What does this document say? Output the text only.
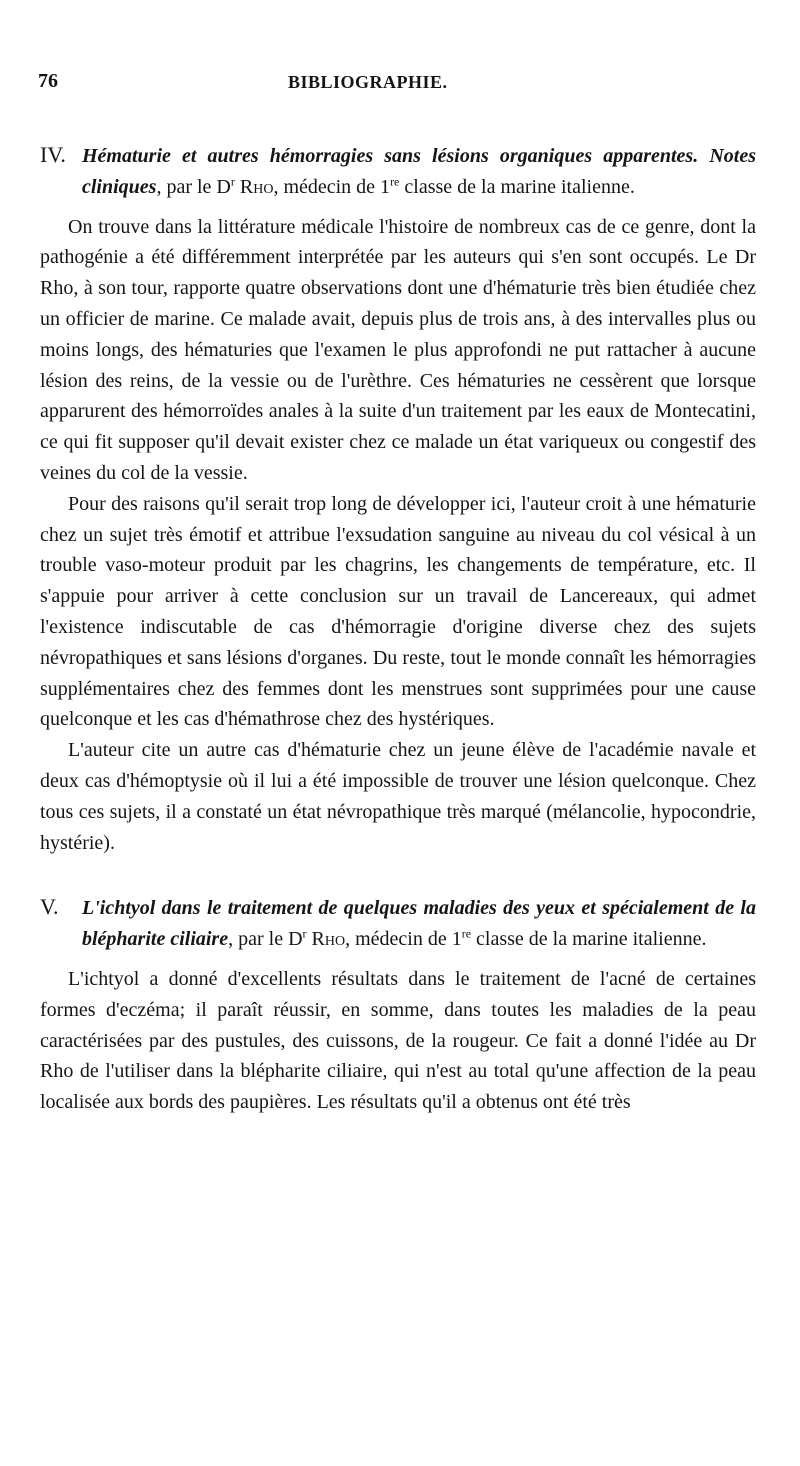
76	BIBLIOGRAPHIE.

IV. Hématurie et autres hémorragies sans lésions organiques apparentes. Notes cliniques, par le $D^r$ Rho, médecin de 1re classe de la marine italienne.

On trouve dans la littérature médicale l'histoire de nombreux cas de ce genre, dont la pathogénie a été différemment interprétée par les auteurs qui s'en sont occupés. Le Dr Rho, à son tour, rapporte quatre observations dont une d'hématurie très bien étudiée chez un officier de marine. Ce malade avait, depuis plus de trois ans, à des intervalles plus ou moins longs, des hématuries que l'examen le plus approfondi ne put rattacher à aucune lésion des reins, de la vessie ou de l'urèthre. Ces hématuries ne cessèrent que lorsque apparurent des hémorroïdes anales à la suite d'un traitement par les eaux de Montecatini, ce qui fit supposer qu'il devait exister chez ce malade un état variqueux ou congestif des veines du col de la vessie.

Pour des raisons qu'il serait trop long de développer ici, l'auteur croit à une hématurie chez un sujet très émotif et attribue l'exsudation sanguine au niveau du col vésical à un trouble vaso-moteur produit par les chagrins, les changements de température, etc. Il s'appuie pour arriver à cette conclusion sur un travail de Lancereaux, qui admet l'existence indiscutable de cas d'hémorragie d'origine diverse chez des sujets névropathiques et sans lésions d'organes. Du reste, tout le monde connaît les hémorragies supplémentaires chez des femmes dont les menstrues sont supprimées pour une cause quelconque et les cas d'hémathrose chez des hystériques.

L'auteur cite un autre cas d'hématurie chez un jeune élève de l'académie navale et deux cas d'hémoptysie où il lui a été impossible de trouver une lésion quelconque. Chez tous ces sujets, il a constaté un état névropathique très marqué (mélancolie, hypocondrie, hystérie).

V. L'ichtyol dans le traitement de quelques maladies des yeux et spécialement de la blépharite ciliaire, par le $D^r$ Rho, médecin de 1re classe de la marine italienne.

L'ichtyol a donné d'excellents résultats dans le traitement de l'acné de certaines formes d'eczéma; il paraît réussir, en somme, dans toutes les maladies de la peau caractérisées par des pustules, des cuissons, de la rougeur. Ce fait a donné l'idée au Dr Rho de l'utiliser dans la blépharite ciliaire, qui n'est au total qu'une affection de la peau localisée aux bords des paupières. Les résultats qu'il a obtenus ont été très
